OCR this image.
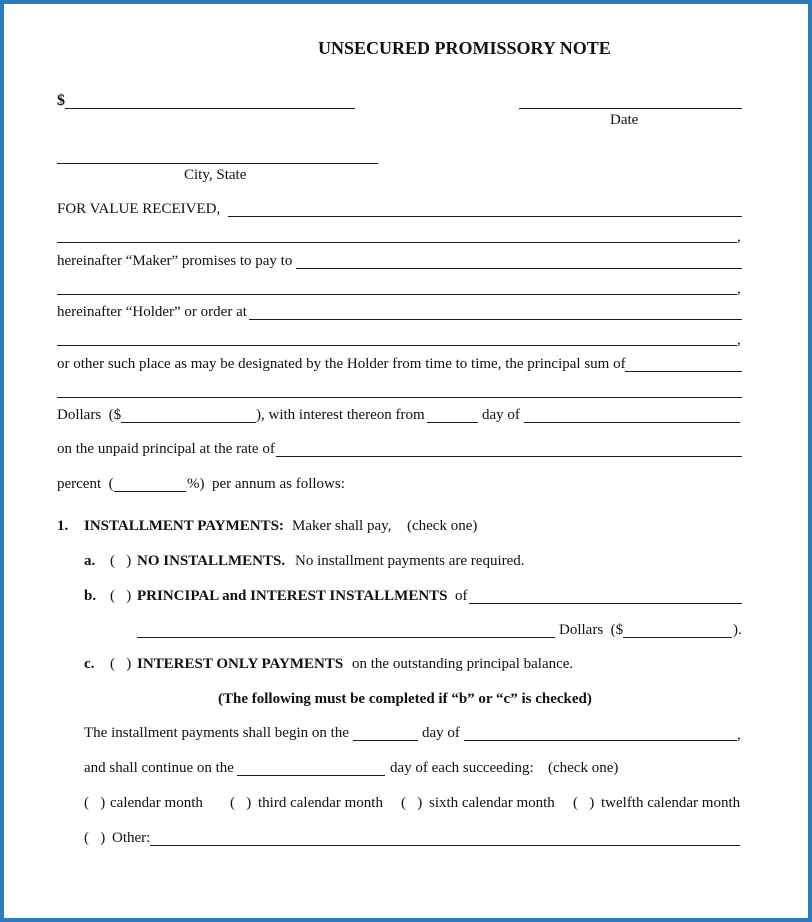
UNSECURED PROMISSORY NOTE
$
Date
City, State
FOR VALUE RECEIVED,
,
hereinafter “Maker” promises to pay to
,
hereinafter “Holder” or order at
,
or other such place as may be designated by the Holder from time to time, the principal sum of
Dollars  ($	), with interest thereon from	day of
on the unpaid principal at the rate of
percent  (	%)  per annum as follows:
1. INSTALLMENT PAYMENTS: Maker shall pay, (check one)
a. (   ) NO INSTALLMENTS. No installment payments are required.
b. (   ) PRINCIPAL and INTEREST INSTALLMENTS of
Dollars  ($	).
c. (   ) INTEREST ONLY PAYMENTS on the outstanding principal balance.
(The following must be completed if “b” or “c” is checked)
The installment payments shall begin on the	day of	,
and shall continue on the	day of each succeeding: (check one)
(   ) calendar month (   ) third calendar month (   ) sixth calendar month (   ) twelfth calendar month
(   ) Other:
